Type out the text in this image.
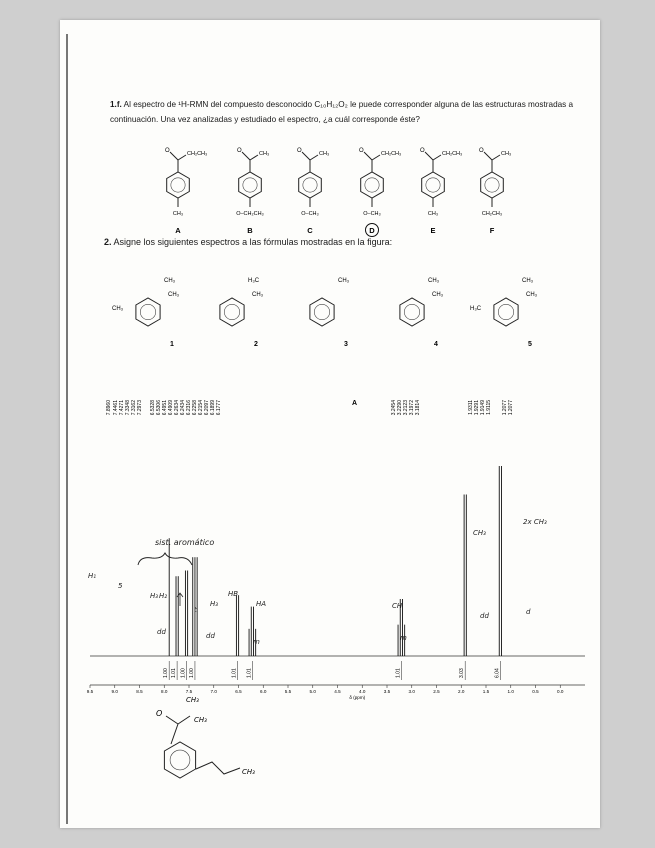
1.f. Al espectro de ¹H-RMN del compuesto desconocido C₁₀H₁₂O₂ le puede corresponder alguna de las estructuras mostradas a continuación. Una vez analizadas y estudiado el espectro, ¿a cuál corresponde éste?
O	CH₂CH₃
CH₃
A
O	CH₃
O–CH₂CH₃
B
O	CH₃
O–CH₃
C
O	CH₂CH₃
O–CH₃
D
O	CH₂CH₃
CH₃
E
O	CH₃
CH₂CH₃
F
2. Asigne los siguientes espectros a las fórmulas mostradas en la figura:
CH₃
CH₃
CH₃
1
H₃C
CH₃
2
CH₃
3
CH₃
CH₃
4
CH₃
CH₃
H₃C
5
A
7.8960 7.4461 7.4271 7.3348 7.3162 7.2973 6.5328 6.5306 6.4951 6.4909 6.2634 6.2434 6.2316 6.2258 6.2154 6.2097 6.1899 6.1777	3.2454 3.2290 3.2123 3.1972 3.1814	1.9311 1.9291 1.9149 1.9115 1.2077 1.2077
9.5	9.0	8.5	8.0	7.5	7.0	6.5	6.0	5.5	5.0	4.5	4.0	3.5	3.0	2.5	2.0	1.5	1.0	0.5	0.0
δ (ppm)
1.00 1.01 1.00 1.00	1.01 1.01	1.01	3.03	6.04
sist. aromático
H₁
5
H₃ H₂
dd
t
H₃
HB
dd
HA
m
CH
m
CH₃
dd
2x CH₃
d
O
CH₃
CH₃
CH₃
